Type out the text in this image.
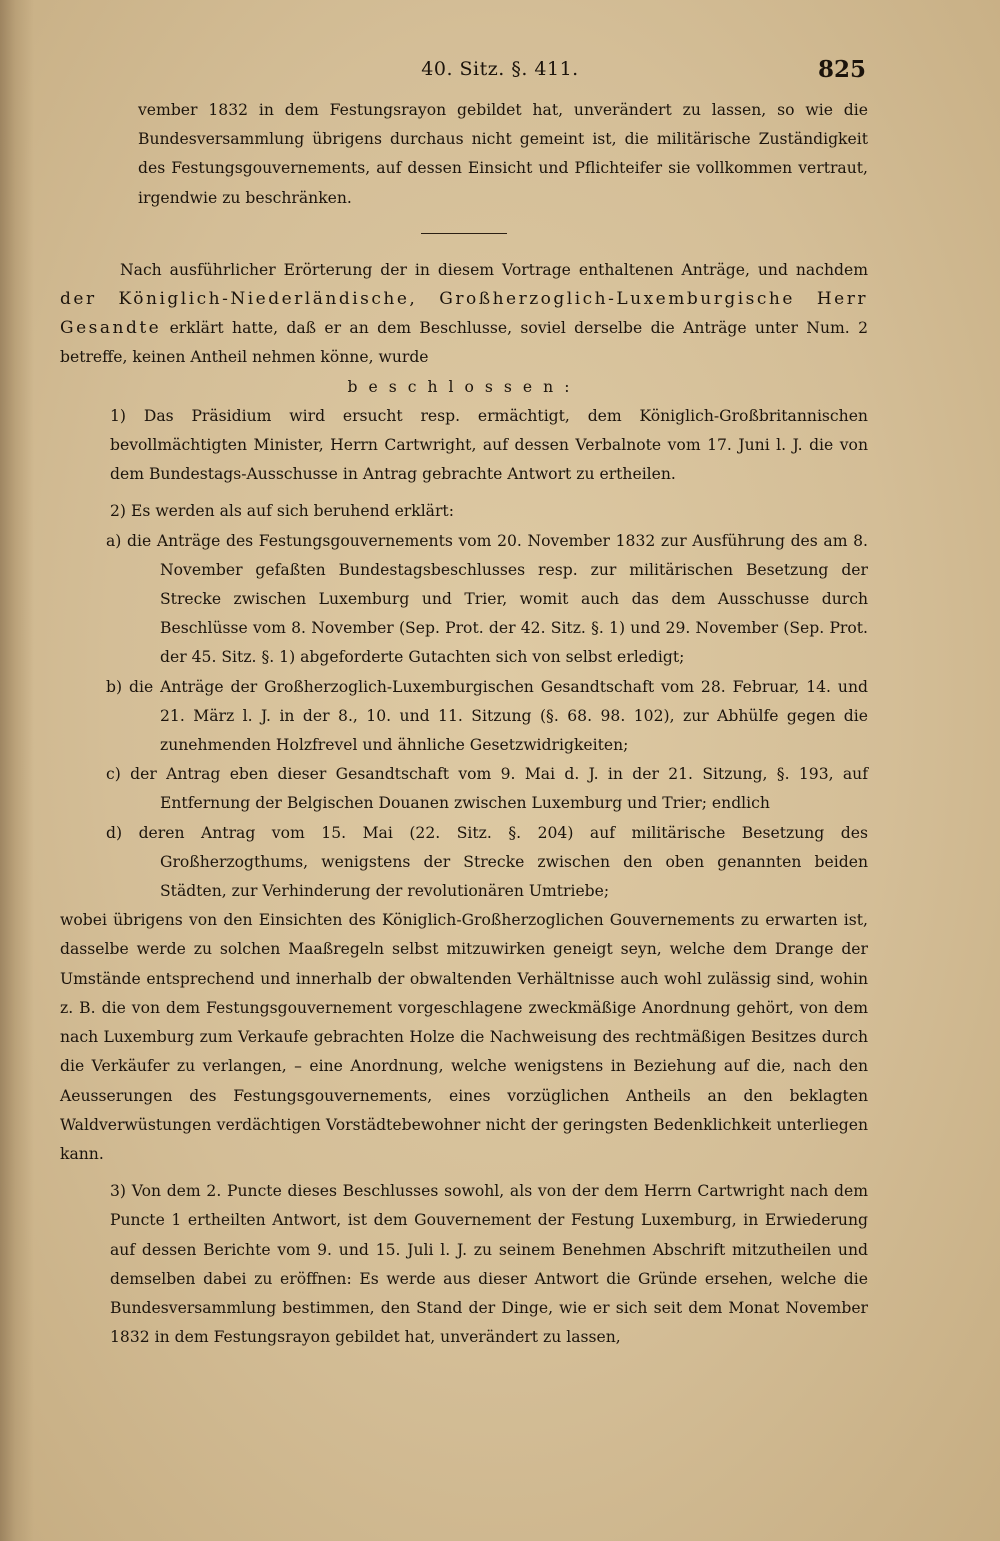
40. Sitz. §. 411.	825

vember 1832 in dem Festungsrayon gebildet hat, unverändert zu lassen, so wie die Bundesversammlung übrigens durchaus nicht gemeint ist, die militärische Zuständigkeit des Festungsgouvernements, auf dessen Einsicht und Pflichteifer sie vollkommen vertraut, irgendwie zu beschränken.

Nach ausführlicher Erörterung der in diesem Vortrage enthaltenen Anträge, und nachdem der Königlich-Niederländische, Großherzoglich-Luxemburgische Herr Gesandte erklärt hatte, daß er an dem Beschlusse, soviel derselbe die Anträge unter Num. 2 betreffe, keinen Antheil nehmen könne, wurde

beschlossen:

1) Das Präsidium wird ersucht resp. ermächtigt, dem Königlich-Großbritannischen bevollmächtigten Minister, Herrn Cartwright, auf dessen Verbalnote vom 17. Juni l. J. die von dem Bundestags-Ausschusse in Antrag gebrachte Antwort zu ertheilen.

2) Es werden als auf sich beruhend erklärt:

a) die Anträge des Festungsgouvernements vom 20. November 1832 zur Ausführung des am 8. November gefaßten Bundestagsbeschlusses resp. zur militärischen Besetzung der Strecke zwischen Luxemburg und Trier, womit auch das dem Ausschusse durch Beschlüsse vom 8. November (Sep. Prot. der 42. Sitz. §. 1) und 29. November (Sep. Prot. der 45. Sitz. §. 1) abgeforderte Gutachten sich von selbst erledigt;

b) die Anträge der Großherzoglich-Luxemburgischen Gesandtschaft vom 28. Februar, 14. und 21. März l. J. in der 8., 10. und 11. Sitzung (§. 68. 98. 102), zur Abhülfe gegen die zunehmenden Holzfrevel und ähnliche Gesetzwidrigkeiten;

c) der Antrag eben dieser Gesandtschaft vom 9. Mai d. J. in der 21. Sitzung, §. 193, auf Entfernung der Belgischen Douanen zwischen Luxemburg und Trier; endlich

d) deren Antrag vom 15. Mai (22. Sitz. §. 204) auf militärische Besetzung des Großherzogthums, wenigstens der Strecke zwischen den oben genannten beiden Städten, zur Verhinderung der revolutionären Umtriebe;

wobei übrigens von den Einsichten des Königlich-Großherzoglichen Gouvernements zu erwarten ist, dasselbe werde zu solchen Maaßregeln selbst mitzuwirken geneigt seyn, welche dem Drange der Umstände entsprechend und innerhalb der obwaltenden Verhältnisse auch wohl zulässig sind, wohin z. B. die von dem Festungsgouvernement vorgeschlagene zweckmäßige Anordnung gehört, von dem nach Luxemburg zum Verkaufe gebrachten Holze die Nachweisung des rechtmäßigen Besitzes durch die Verkäufer zu verlangen, – eine Anordnung, welche wenigstens in Beziehung auf die, nach den Aeusserungen des Festungsgouvernements, eines vorzüglichen Antheils an den beklagten Waldverwüstungen verdächtigen Vorstädtebewohner nicht der geringsten Bedenklichkeit unterliegen kann.

3) Von dem 2. Puncte dieses Beschlusses sowohl, als von der dem Herrn Cartwright nach dem Puncte 1 ertheilten Antwort, ist dem Gouvernement der Festung Luxemburg, in Erwiederung auf dessen Berichte vom 9. und 15. Juli l. J. zu seinem Benehmen Abschrift mitzutheilen und demselben dabei zu eröffnen: Es werde aus dieser Antwort die Gründe ersehen, welche die Bundesversammlung bestimmen, den Stand der Dinge, wie er sich seit dem Monat November 1832 in dem Festungsrayon gebildet hat, unverändert zu lassen,
